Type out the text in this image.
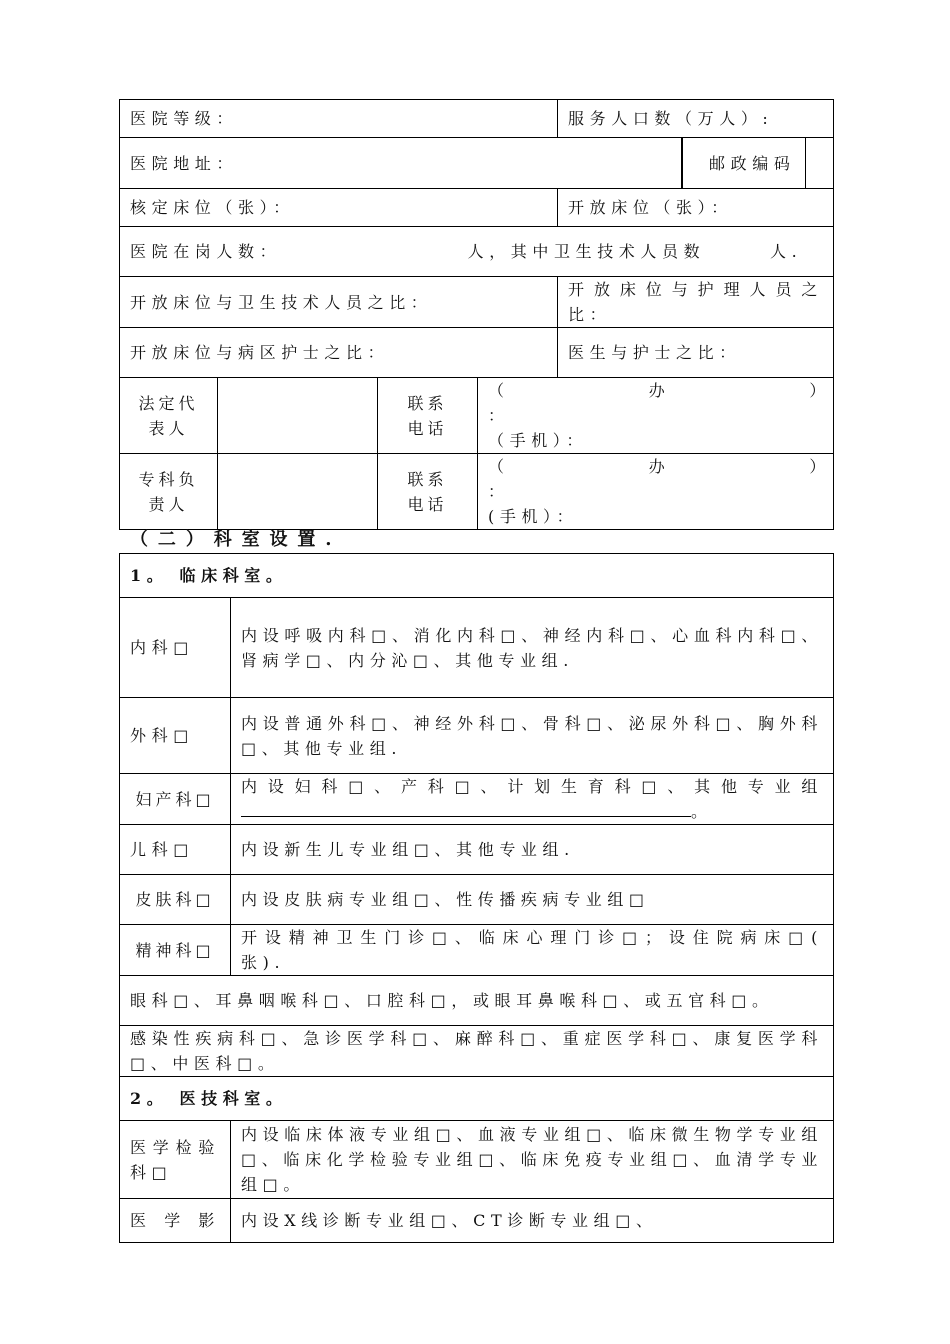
医院等级：				服务人口数（万人）:	
医院地址：					邮政编码

核定床位（张）：				开放床位（张）：	
医院在岗人数：　　　　　　　　　人，其中卫生技术人员数　　　人.					
开放床位与卫生技术人员之比：				开放床位与护理人员之比：	
开放床位与病区护士之比：				医生与护士之比：	
法定代表人		联系电话	（　　　　　办　　　　　）　　　　　：
（手机）：		

专科负责人		联系电话	（　　　　　办　　　　　）　　　　　：
(手机）：		
（二）科室设置.
1。 临床科室。	
内科□	内设呼吸内科□、消化内科□、神经内科□、心血科内科□、肾病学□、内分沁□、其他专业组.
外科□	内设普通外科□、神经外科□、骨科□、泌尿外科□、胸外科□、其他专业组.
妇产科□	内设妇科□、产科□、计划生育科□、其他专业组。
儿科□	内设新生儿专业组□、其他专业组.
皮肤科□	内设皮肤病专业组□、性传播疾病专业组□
精神科□	开设精神卫生门诊□、临床心理门诊□；设住院病床□(　　　　　张).
眼科□、耳鼻咽喉科□、口腔科□，或眼耳鼻喉科□、或五官科□。	
感染性疾病科□、急诊医学科□、麻醉科□、重症医学科□、康复医学科□、中医科□。	
2。 医技科室。	
医学检验科□	内设临床体液专业组□、血液专业组□、临床微生物学专业组□、临床化学检验专业组□、临床免疫专业组□、血清学专业组□。
医学影	内设X线诊断专业组□、CT诊断专业组□、
